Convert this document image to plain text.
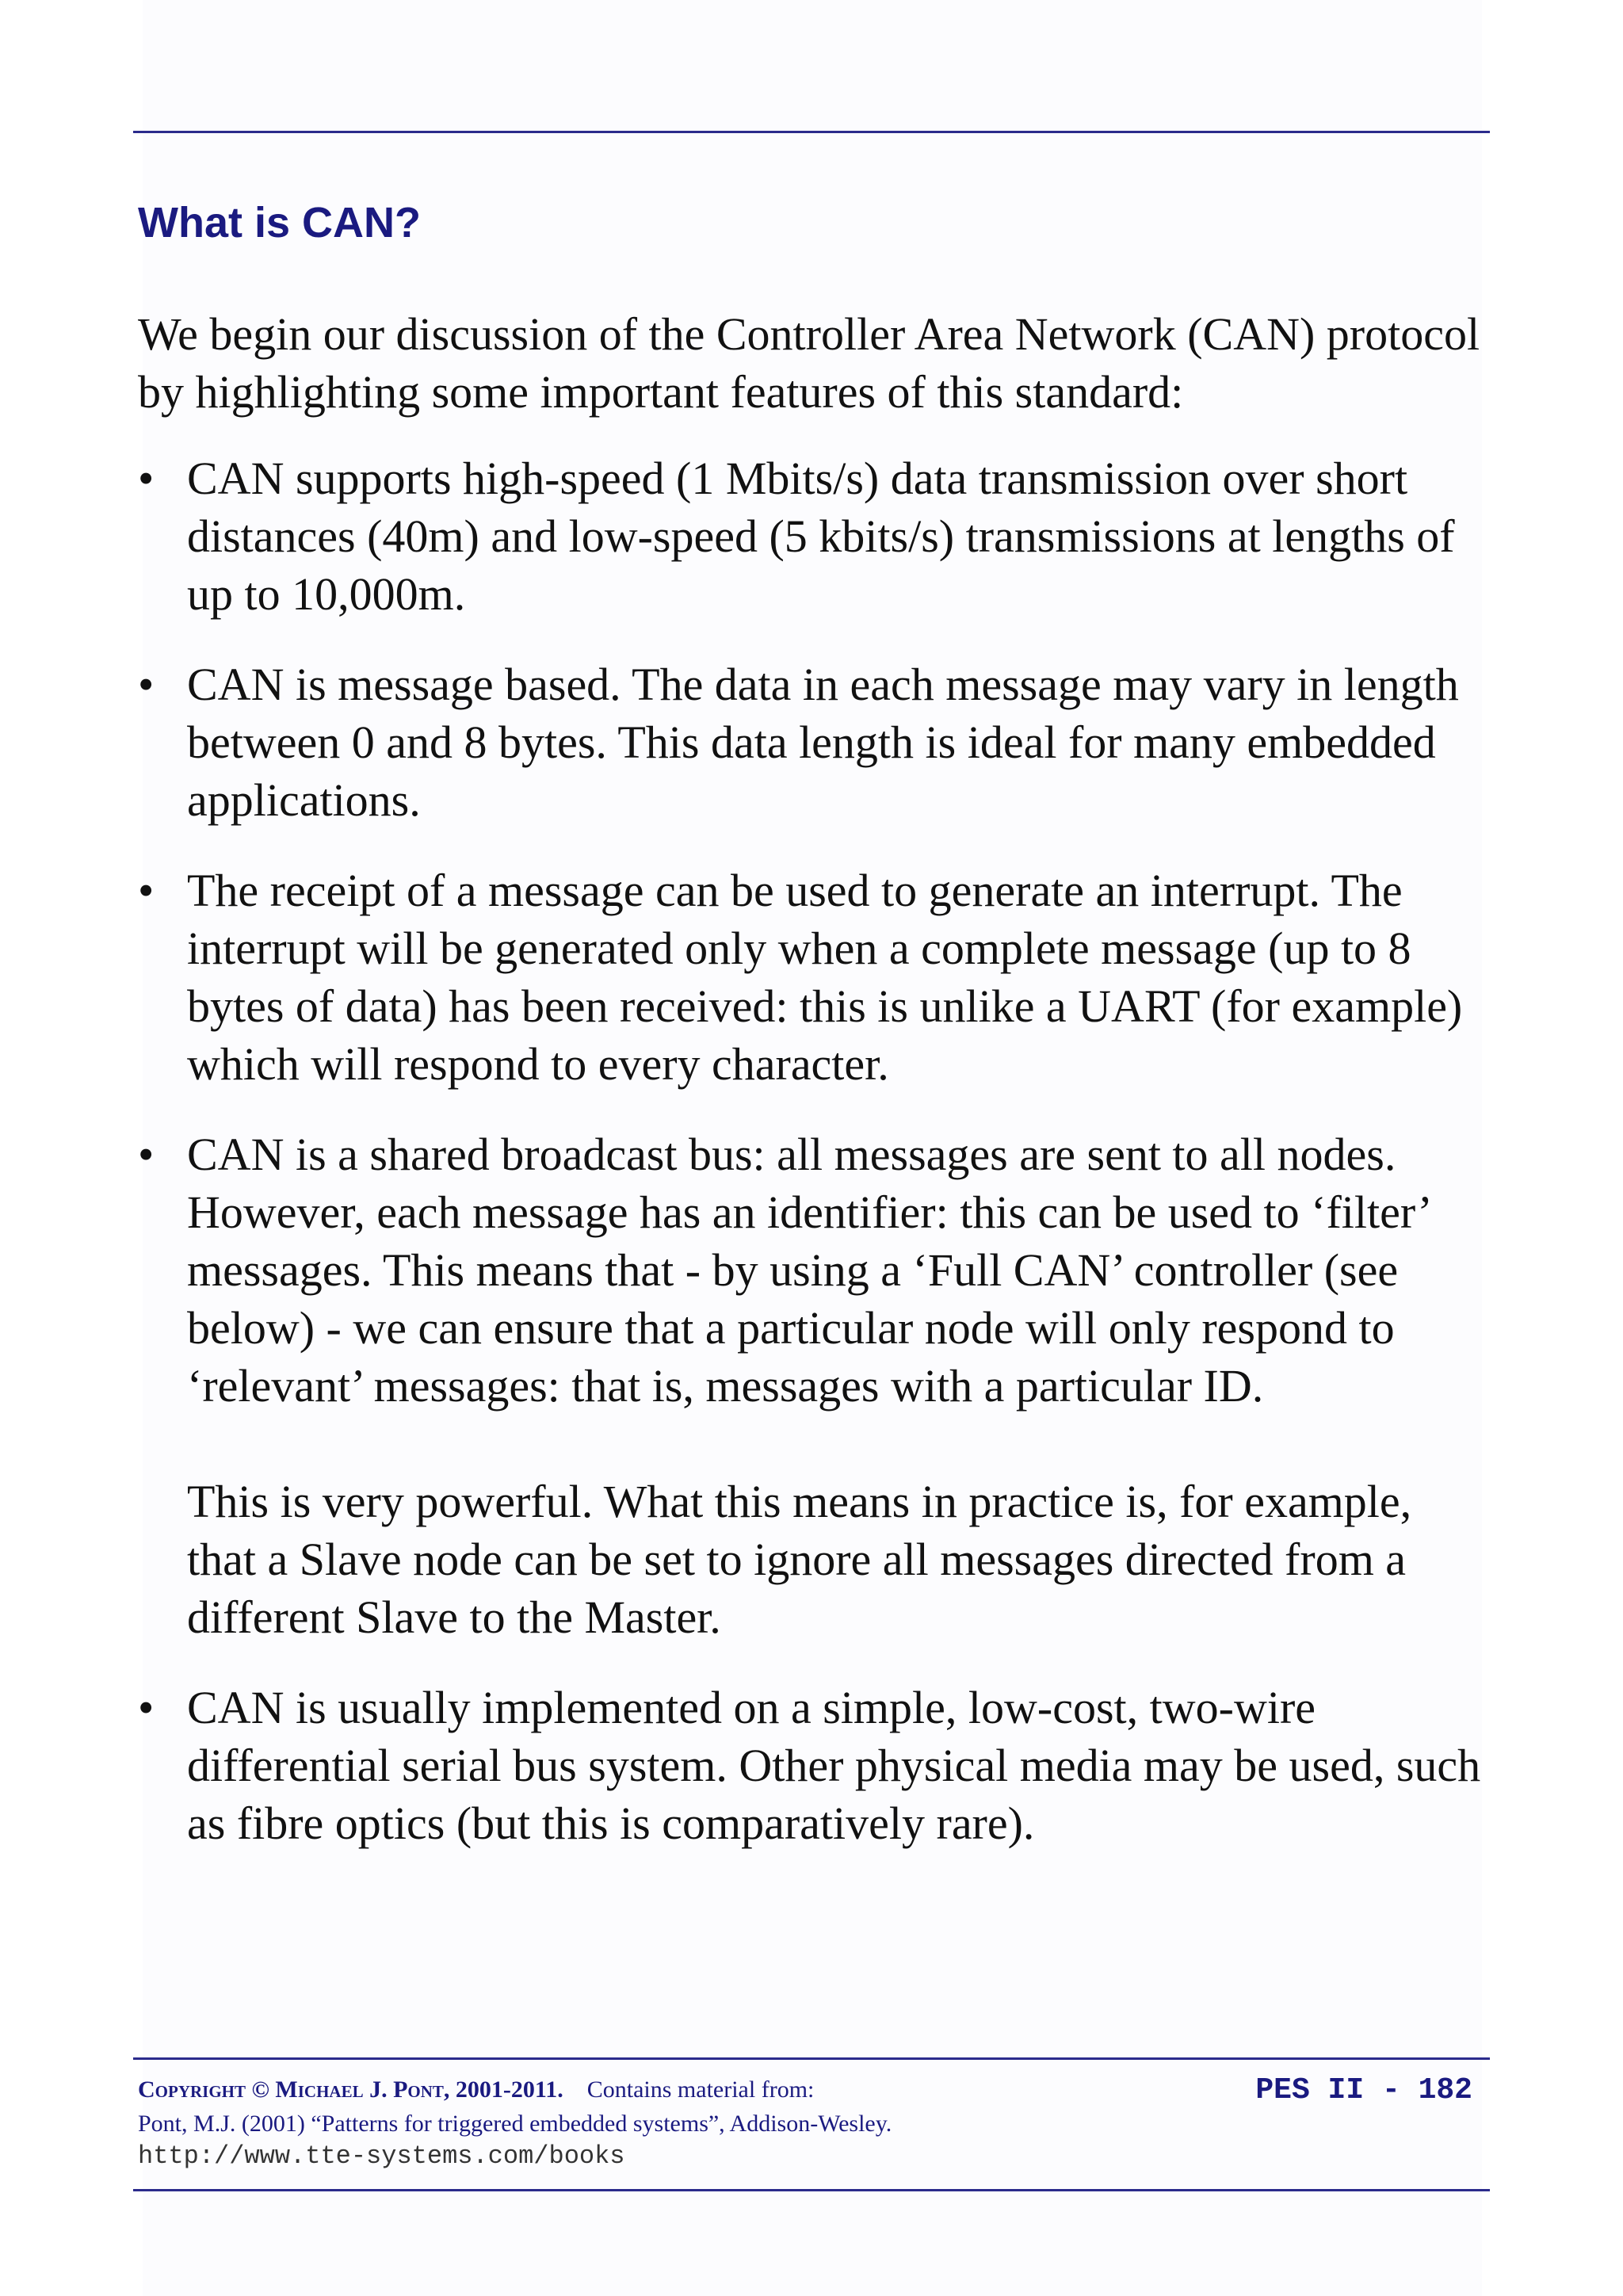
What is CAN?

We begin our discussion of the Controller Area Network (CAN) protocol by highlighting some important features of this standard:

• CAN supports high-speed (1 Mbits/s) data transmission over short distances (40m) and low-speed (5 kbits/s) transmissions at lengths of up to 10,000m.

• CAN is message based. The data in each message may vary in length between 0 and 8 bytes. This data length is ideal for many embedded applications.

• The receipt of a message can be used to generate an interrupt. The interrupt will be generated only when a complete message (up to 8 bytes of data) has been received: this is unlike a UART (for example) which will respond to every character.

• CAN is a shared broadcast bus: all messages are sent to all nodes. However, each message has an identifier: this can be used to ‘filter’ messages. This means that - by using a ‘Full CAN’ controller (see below) - we can ensure that a particular node will only respond to ‘relevant’ messages: that is, messages with a particular ID.

This is very powerful. What this means in practice is, for example, that a Slave node can be set to ignore all messages directed from a different Slave to the Master.

• CAN is usually implemented on a simple, low-cost, two-wire differential serial bus system. Other physical media may be used, such as fibre optics (but this is comparatively rare).

Copyright © Michael J. Pont, 2001-2011. Contains material from:

Pont, M.J. (2001) “Patterns for triggered embedded systems”, Addison-Wesley.

http://www.tte-systems.com/books

PES II - 182
